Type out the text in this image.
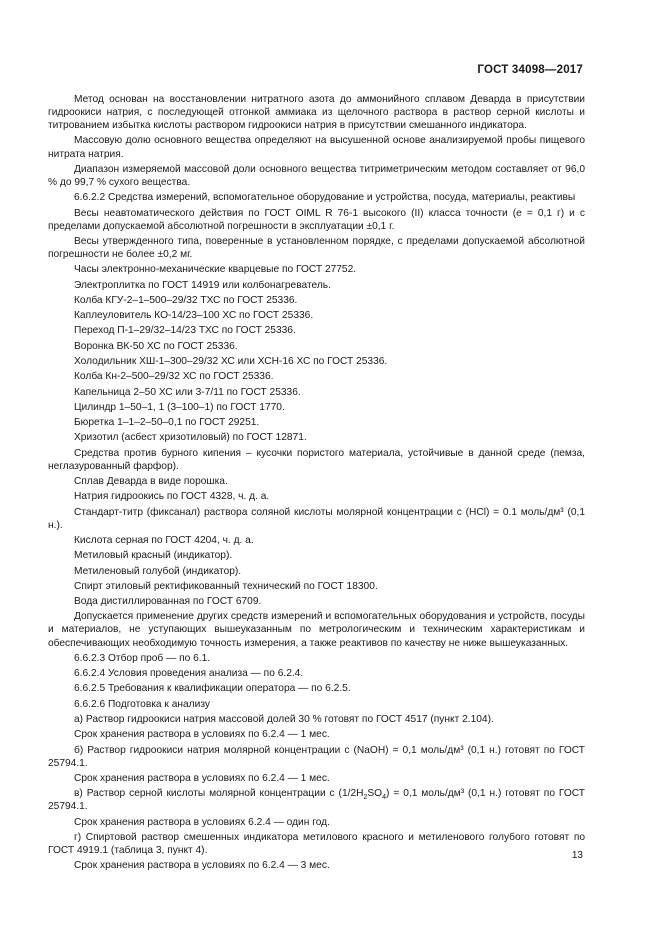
ГОСТ 34098—2017

Метод основан на восстановлении нитратного азота до аммонийного сплавом Деварда в присутствии гидроокиси натрия, с последующей отгонкой аммиака из щелочного раствора в раствор серной кислоты и титрованием избытка кислоты раствором гидроокиси натрия в присутствии смешанного индикатора.

Массовую долю основного вещества определяют на высушенной основе анализируемой пробы пищевого нитрата натрия.

Диапазон измеряемой массовой доли основного вещества титриметрическим методом составляет от 96,0 % до 99,7 % сухого вещества.

6.6.2.2 Средства измерений, вспомогательное оборудование и устройства, посуда, материалы, реактивы

Весы неавтоматического действия по ГОСТ OIML R 76-1 высокого (II) класса точности (е = 0,1 г) и с пределами допускаемой абсолютной погрешности в эксплуатации ±0,1 г.

Весы утвержденного типа, поверенные в установленном порядке, с пределами допускаемой абсолютной погрешности не более ±0,2 мг.

Часы электронно-механические кварцевые по ГОСТ 27752.

Электроплитка по ГОСТ 14919 или колбонагреватель.

Колба КГУ-2–1–500–29/32 ТХС по ГОСТ 25336.

Каплеуловитель КО-14/23–100 ХС по ГОСТ 25336.

Переход П-1–29/32–14/23 ТХС по ГОСТ 25336.

Воронка ВК-50 ХС по ГОСТ 25336.

Холодильник ХШ-1–300–29/32 ХС или ХСН-16 ХС по ГОСТ 25336.

Колба Кн-2–500–29/32 ХС по ГОСТ 25336.

Капельница 2–50 ХС или 3-7/11 по ГОСТ 25336.

Цилиндр 1–50–1, 1 (3–100–1) по ГОСТ 1770.

Бюретка 1–1–2–50–0,1 по ГОСТ 29251.

Хризотил (асбест хризотиловый) по ГОСТ 12871.

Средства против бурного кипения – кусочки пористого материала, устойчивые в данной среде (пемза, неглазурованный фарфор).

Сплав Деварда в виде порошка.

Натрия гидроокись по ГОСТ 4328, ч. д. а.

Стандарт-титр (фиксанал) раствора соляной кислоты молярной концентрации с (HCl) = 0.1 моль/дм³ (0,1 н.).

Кислота серная по ГОСТ 4204, ч. д. а.

Метиловый красный (индикатор).

Метиленовый голубой (индикатор).

Спирт этиловый ректификованный технический по ГОСТ 18300.

Вода дистиллированная по ГОСТ 6709.

Допускается применение других средств измерений и вспомогательных оборудования и устройств, посуды и материалов, не уступающих вышеуказанным по метрологическим и техническим характеристикам и обеспечивающих необходимую точность измерения, а также реактивов по качеству не ниже вышеуказанных.

6.6.2.3 Отбор проб — по 6.1.

6.6.2.4 Условия проведения анализа — по 6.2.4.

6.6.2.5 Требования к квалификации оператора — по 6.2.5.

6.6.2.6 Подготовка к анализу

а) Раствор гидроокиси натрия массовой долей 30 % готовят по ГОСТ 4517 (пункт 2.104).

Срок хранения раствора в условиях по 6.2.4 — 1 мес.

б) Раствор гидроокиси натрия молярной концентрации с (NaOH) = 0,1 моль/дм³ (0,1 н.) готовят по ГОСТ 25794.1.

Срок хранения раствора в условиях по 6.2.4 — 1 мес.

в) Раствор серной кислоты молярной концентрации с $(1/2H_2SO_4) = 0,1$ моль/дм³ (0,1 н.) готовят по ГОСТ 25794.1.

Срок хранения раствора в условиях 6.2.4 — один год.

г) Спиртовой раствор смешенных индикатора метилового красного и метиленового голубого готовят по ГОСТ 4919.1 (таблица 3, пункт 4).

Срок хранения раствора в условиях по 6.2.4 — 3 мес.

13
